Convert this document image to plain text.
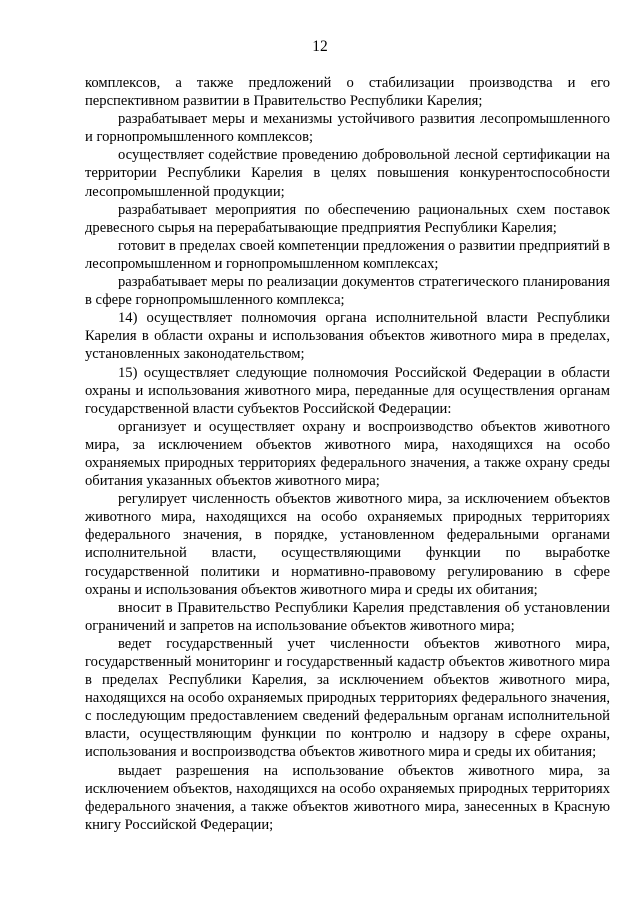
12

комплексов, а также предложений о стабилизации производства и его перспективном развитии в Правительство Республики Карелия;

разрабатывает меры и механизмы устойчивого развития лесопромышленного и горнопромышленного комплексов;

осуществляет содействие проведению добровольной лесной сертификации на территории Республики Карелия в целях повышения конкурентоспособности лесопромышленной продукции;

разрабатывает мероприятия по обеспечению рациональных схем поставок древесного сырья на перерабатывающие предприятия Республики Карелия;

готовит в пределах своей компетенции предложения о развитии предприятий в лесопромышленном и горнопромышленном комплексах;

разрабатывает меры по реализации документов стратегического планирования в сфере горнопромышленного комплекса;

14) осуществляет полномочия органа исполнительной власти Республики Карелия в области охраны и использования объектов животного мира в пределах, установленных законодательством;

15) осуществляет следующие полномочия Российской Федерации в области охраны и использования животного мира, переданные для осуществления органам государственной власти субъектов Российской Федерации:

организует и осуществляет охрану и воспроизводство объектов животного мира, за исключением объектов животного мира, находящихся на особо охраняемых природных территориях федерального значения, а также охрану среды обитания указанных объектов животного мира;

регулирует численность объектов животного мира, за исключением объектов животного мира, находящихся на особо охраняемых природных территориях федерального значения, в порядке, установленном федеральными органами исполнительной власти, осуществляющими функции по выработке государственной политики и нормативно-правовому регулированию в сфере охраны и использования объектов животного мира и среды их обитания;

вносит в Правительство Республики Карелия представления об установлении ограничений и запретов на использование объектов животного мира;

ведет государственный учет численности объектов животного мира, государственный мониторинг и государственный кадастр объектов животного мира в пределах Республики Карелия, за исключением объектов животного мира, находящихся на особо охраняемых природных территориях федерального значения, с последующим предоставлением сведений федеральным органам исполнительной власти, осуществляющим функции по контролю и надзору в сфере охраны, использования и воспроизводства объектов животного мира и среды их обитания;

выдает разрешения на использование объектов животного мира, за исключением объектов, находящихся на особо охраняемых природных территориях федерального значения, а также объектов животного мира, занесенных в Красную книгу Российской Федерации;
